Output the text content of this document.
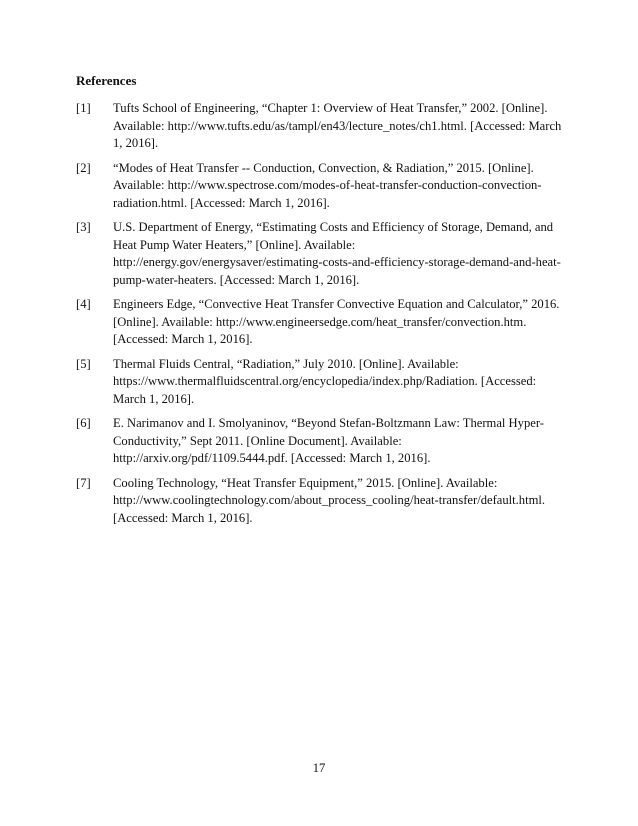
References
[1] Tufts School of Engineering, “Chapter 1: Overview of Heat Transfer,” 2002. [Online]. Available: http://www.tufts.edu/as/tampl/en43/lecture_notes/ch1.html. [Accessed: March 1, 2016].
[2] “Modes of Heat Transfer -- Conduction, Convection, & Radiation,” 2015. [Online]. Available: http://www.spectrose.com/modes-of-heat-transfer-conduction-convection-radiation.html. [Accessed: March 1, 2016].
[3] U.S. Department of Energy, “Estimating Costs and Efficiency of Storage, Demand, and Heat Pump Water Heaters,” [Online]. Available: http://energy.gov/energysaver/estimating-costs-and-efficiency-storage-demand-and-heat-pump-water-heaters. [Accessed: March 1, 2016].
[4] Engineers Edge, “Convective Heat Transfer Convective Equation and Calculator,” 2016. [Online]. Available: http://www.engineersedge.com/heat_transfer/convection.htm. [Accessed: March 1, 2016].
[5] Thermal Fluids Central, “Radiation,” July 2010. [Online]. Available: https://www.thermalfluidscentral.org/encyclopedia/index.php/Radiation. [Accessed: March 1, 2016].
[6] E. Narimanov and I. Smolyaninov, “Beyond Stefan-Boltzmann Law: Thermal Hyper-Conductivity,” Sept 2011. [Online Document]. Available: http://arxiv.org/pdf/1109.5444.pdf. [Accessed: March 1, 2016].
[7] Cooling Technology, “Heat Transfer Equipment,” 2015. [Online]. Available: http://www.coolingtechnology.com/about_process_cooling/heat-transfer/default.html. [Accessed: March 1, 2016].
17
